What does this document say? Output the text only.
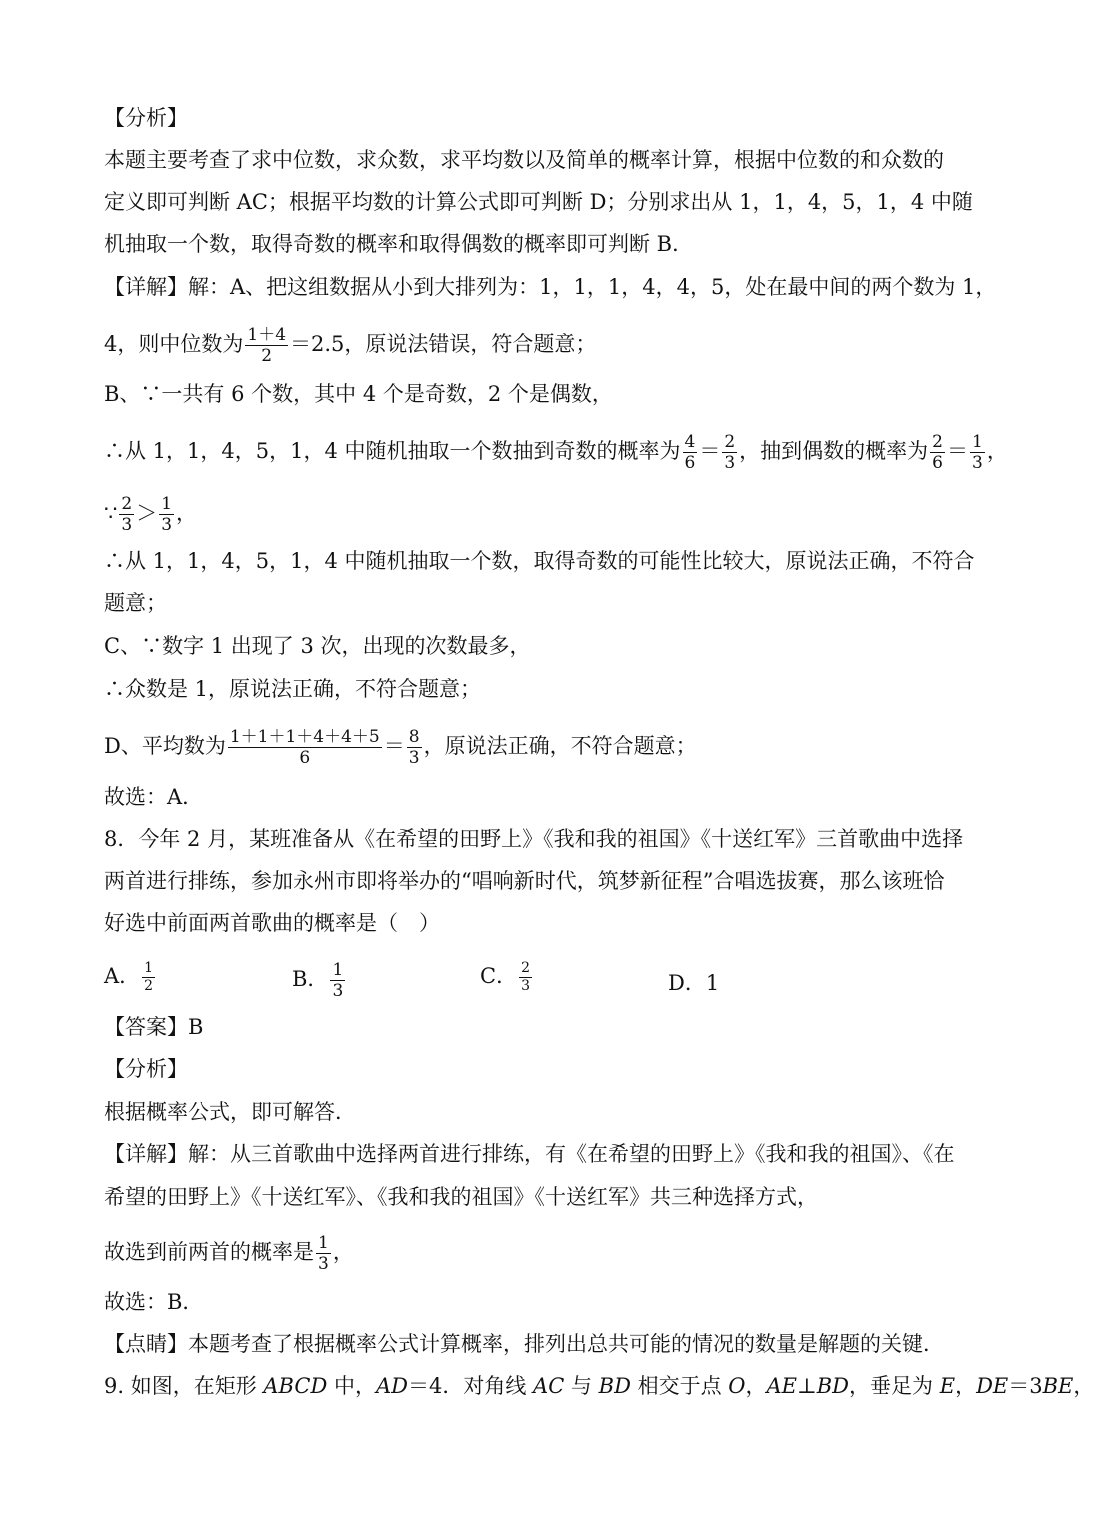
【分析】
本题主要考查了求中位数，求众数，求平均数以及简单的概率计算，根据中位数的和众数的
定义即可判断 AC；根据平均数的计算公式即可判断 D；分别求出从 1，1，4，5，1，4 中随
机抽取一个数，取得奇数的概率和取得偶数的概率即可判断 B．
【详解】解：A、把这组数据从小到大排列为：1，1，1，4，4，5，处在最中间的两个数为 1，
4，则中位数为 $\frac{1+4}{2} =2.5$，原说法错误，符合题意；
B、∵一共有 6 个数，其中 4 个是奇数，2 个是偶数，
∴从 1，1，4，5，1，4 中随机抽取一个数抽到奇数的概率为 $\frac{4}{6} = \frac{2}{3}$ ，抽到偶数的概率为 $\frac{2}{6} = \frac{1}{3}$ ，
∵ $\frac{2}{3} > \frac{1}{3}$ ，
∴从 1，1，4，5，1，4 中随机抽取一个数，取得奇数的可能性比较大，原说法正确，不符合
题意；
C、∵数字 1 出现了 3 次，出现的次数最多，
∴众数是 1，原说法正确，不符合题意；
D、平均数为 $\frac{1+1+1+4+4+5}{6} = \frac{8}{3}$ ，原说法正确，不符合题意；
故选：A．
8．今年 2 月，某班准备从《在希望的田野上》《我和我的祖国》《十送红军》三首歌曲中选择
两首进行排练，参加永州市即将举办的“唱响新时代，筑梦新征程”合唱选拔赛，那么该班恰
好选中前面两首歌曲的概率是（　）
A． $\frac{1}{2}$	B． $\frac{1}{3}$	C． $\frac{2}{3}$	D．1
【答案】B
【分析】
根据概率公式，即可解答．
【详解】解：从三首歌曲中选择两首进行排练，有《在希望的田野上》《我和我的祖国》、《在
希望的田野上》《十送红军》、《我和我的祖国》《十送红军》共三种选择方式，
故选到前两首的概率是 $\frac{1}{3}$ ，
故选：B．
【点睛】本题考查了根据概率公式计算概率，排列出总共可能的情况的数量是解题的关键．
9. 如图，在矩形 ABCD 中，AD＝4．对角线 AC 与 BD 相交于点 O，AE⊥BD，垂足为 E，DE＝3BE，
